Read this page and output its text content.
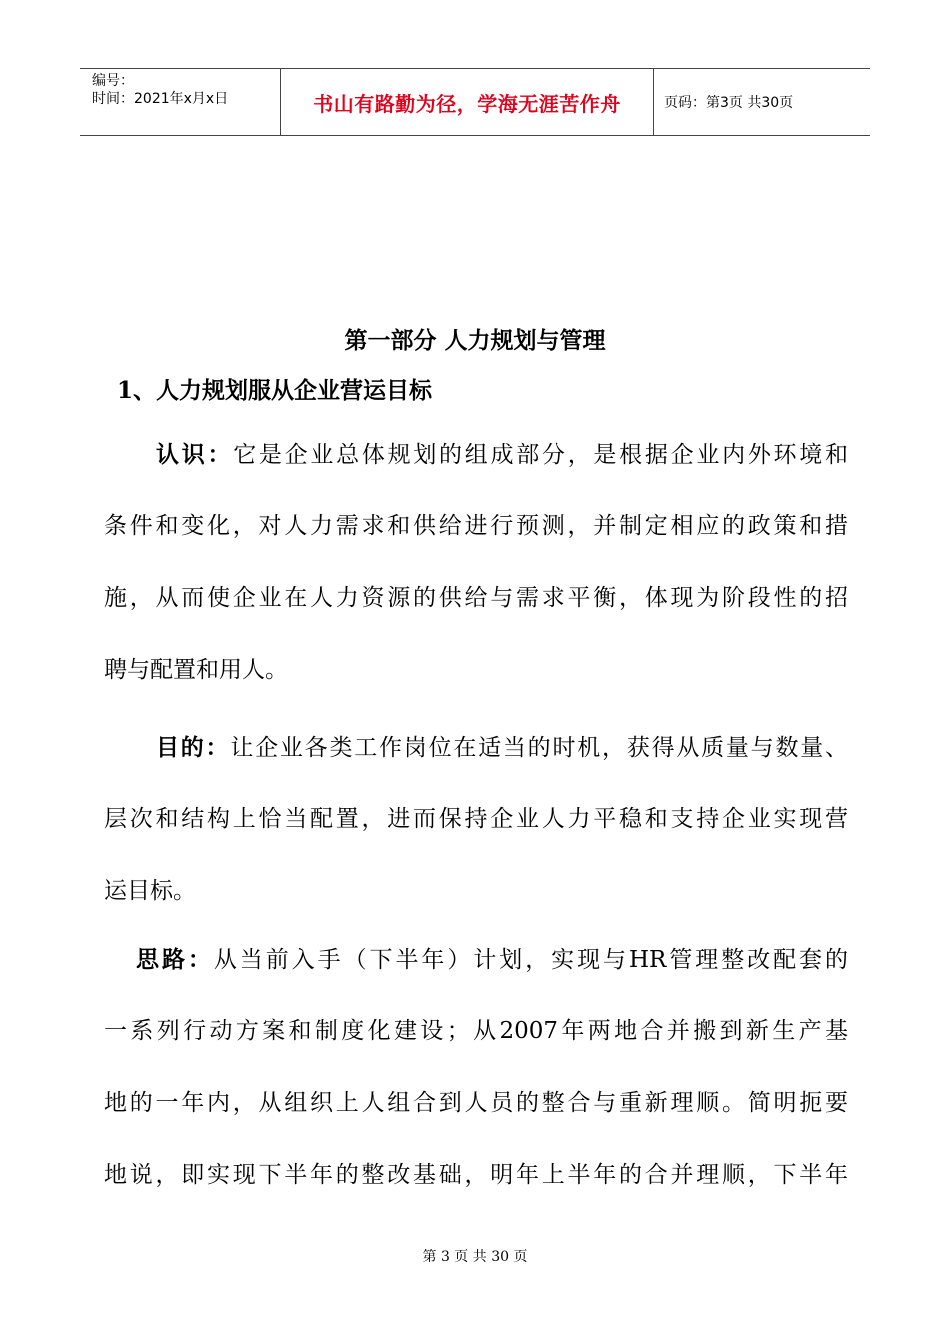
编号：
时间：2021年x月x日	书山有路勤为径，学海无涯苦作舟	页码：第3页 共30页
第一部分 人力规划与管理
1、人力规划服从企业营运目标
认识：它是企业总体规划的组成部分，是根据企业内外环境和
条件和变化，对人力需求和供给进行预测，并制定相应的政策和措
施，从而使企业在人力资源的供给与需求平衡，体现为阶段性的招
聘与配置和用人。
目的：让企业各类工作岗位在适当的时机，获得从质量与数量、
层次和结构上恰当配置，进而保持企业人力平稳和支持企业实现营
运目标。
思路：从当前入手（下半年）计划，实现与HR管理整改配套的
一系列行动方案和制度化建设；从2007年两地合并搬到新生产基
地的一年内，从组织上人组合到人员的整合与重新理顺。简明扼要
地说，即实现下半年的整改基础，明年上半年的合并理顺，下半年
第 3 页 共 30 页
